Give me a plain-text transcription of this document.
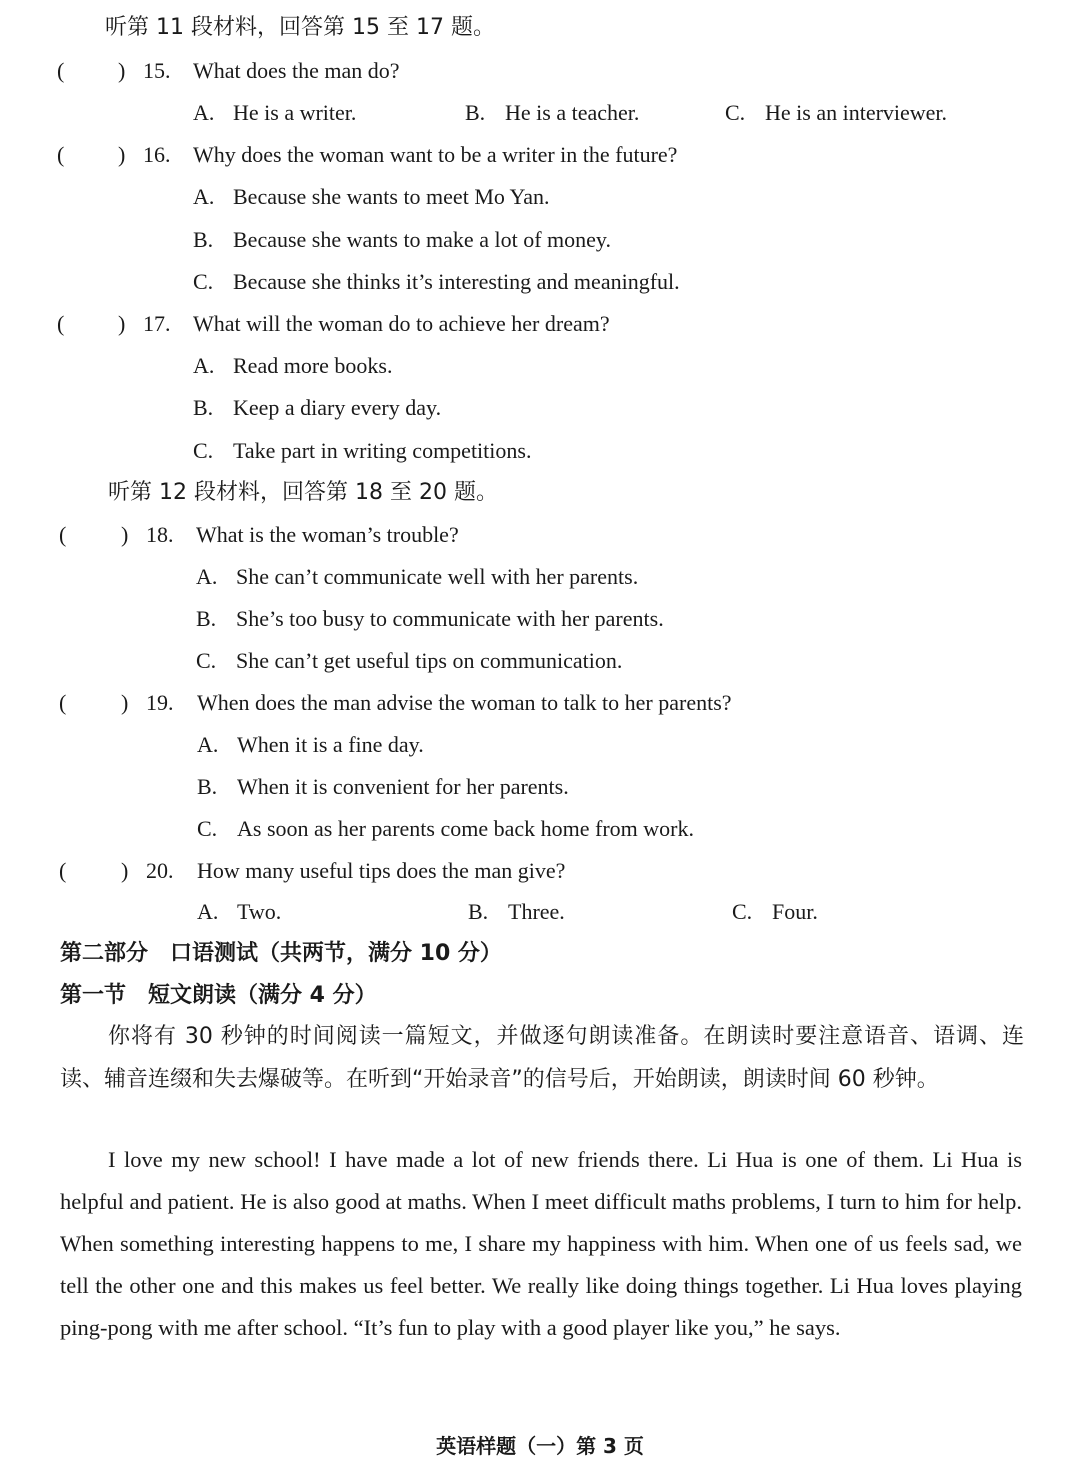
听第 11 段材料，回答第 15 至 17 题。
( ) 15. What does the man do?
A. He is a writer.	B. He is a teacher.	C. He is an interviewer.
( ) 16. Why does the woman want to be a writer in the future?
A. Because she wants to meet Mo Yan.
B. Because she wants to make a lot of money.
C. Because she thinks it’s interesting and meaningful.
( ) 17. What will the woman do to achieve her dream?
A. Read more books.
B. Keep a diary every day.
C. Take part in writing competitions.
听第 12 段材料，回答第 18 至 20 题。
( ) 18. What is the woman’s trouble?
A. She can’t communicate well with her parents.
B. She’s too busy to communicate with her parents.
C. She can’t get useful tips on communication.
( ) 19. When does the man advise the woman to talk to her parents?
A. When it is a fine day.
B. When it is convenient for her parents.
C. As soon as her parents come back home from work.
( ) 20. How many useful tips does the man give?
A. Two.	B. Three.	C. Four.
第二部分　口语测试（共两节，满分 10 分）
第一节　短文朗读（满分 4 分）
你将有 30 秒钟的时间阅读一篇短文，并做逐句朗读准备。在朗读时要注意语音、语调、连读、辅音连缀和失去爆破等。在听到“开始录音”的信号后，开始朗读，朗读时间 60 秒钟。
I love my new school! I have made a lot of new friends there. Li Hua is one of them. Li Hua is helpful and patient. He is also good at maths. When I meet difficult maths problems, I turn to him for help. When something interesting happens to me, I share my happiness with him. When one of us feels sad, we tell the other one and this makes us feel better. We really like doing things together. Li Hua loves playing ping-pong with me after school. “It’s fun to play with a good player like you,” he says.
英语样题（一）第 3 页
